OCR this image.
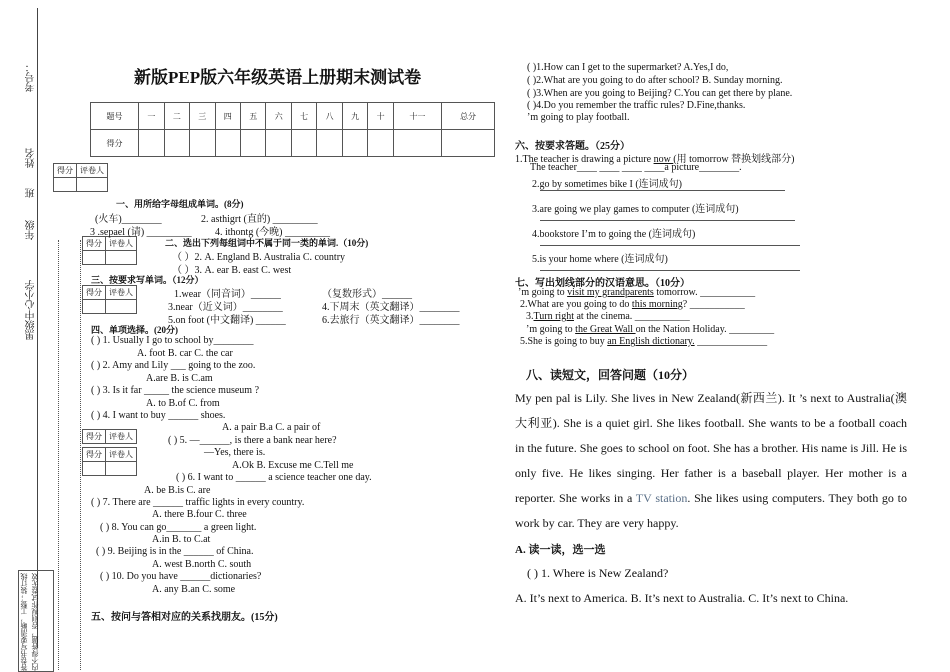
考号：
姓名
班
年级
黑级中心小学
答卷书写要清晰，工整；装订线内不得答题，否则视作试卷无效
新版PEP版六年级英语上册期末测试卷
题号	一	二	三	四	五	六	七	八	九	十	十一	总分
得分												
得分	评卷人

得分	评卷人

得分	评卷人

得分	评卷人
得分	评卷人

一、用所给字母组成单词。(8分)
(火车)________	2. asthigrt (直的) _________
3 .sepael (请) _________ 4. ithontg (今晚) _________
二、选出下列每组词中不属于同一类的单词.（10分)
（ ）2. A. England B. Australia C. country
（ ）3. A. ear B. east C. west
三、按要求写单词。（12分）
1.wear（同音词）______	（复数形式）______
3.near（近义词）________	4.下周末（英文翻译）________
5.on foot (中文翻译) ______	6.去旅行（英文翻译）________
四、单项选择。(20分)
( ) 1. Usually I go to school by________
A. foot B. car C. the car
( ) 2. Amy and Lily ___ going to the zoo.
A.are B. is C.am
( ) 3. Is it far _____ the science museum ?
A. to B.of C. from
( ) 4. I want to buy ______ shoes.
A. a pair B.a C. a pair of
( ) 5. —______, is there a bank near here?
—Yes, there is.
A.Ok B. Excuse me C.Tell me
( ) 6. I want to ______ a science teacher one day.
A. be B.is C. are
( ) 7. There are ______ traffic lights in every country.
A. there B.four C. three
( ) 8. You can go_______ a green light.
A.in B. to C.at
( ) 9. Beijing is in the ______ of China.
A. west B.north C. south
( ) 10. Do you have ______dictionaries?
A. any B.an C. some
五、按问与答相对应的关系找朋友。(15分)
( )1.How can I get to the supermarket? A.Yes,I do,
( )2.What are you going to do after school? B. Sunday morning.
( )3.When are you going to Beijing? C.You can get there by plane.
( )4.Do you remember the traffic rules? D.Fine,thanks.
’m going to play football.
六、按要求答题。（25分）
1.The teacher is drawing a picture now (用 tomorrow 替换划线部分)
The teacher____ ____ ____ ____a picture________.
2.go by sometimes bike I (连词成句)
3.are going we play games to computer (连词成句)
4.bookstore I’m to going the (连词成句)
5.is your home where (连词成句)
七、写出划线部分的汉语意思。（10分）
’m going to visit my grandparents tomorrow. ___________
2.What are you going to do this morning? ___________
3.Turn right at the cinema. ___________
’m going to the Great Wall on the Nation Holiday. _________
5.She is going to buy an English dictionary. ______________
八、读短文，回答问题（10分）
My pen pal is Lily. She lives in New Zealand(新西兰). It ’s next to Australia(澳大利亚). She is a quiet girl. She likes football. She wants to be a football coach in the future. She goes to school on foot. She has a brother. His name is Jill. He is only five. He likes singing. Her father is a baseball player. Her mother is a reporter. She works in a TV station. She likes using computers. They both go to work by car. They are very happy.
A. 读一读，选一选
( ) 1. Where is New Zealand?
A. It’s next to America. B. It’s next to Australia. C. It’s next to China.
